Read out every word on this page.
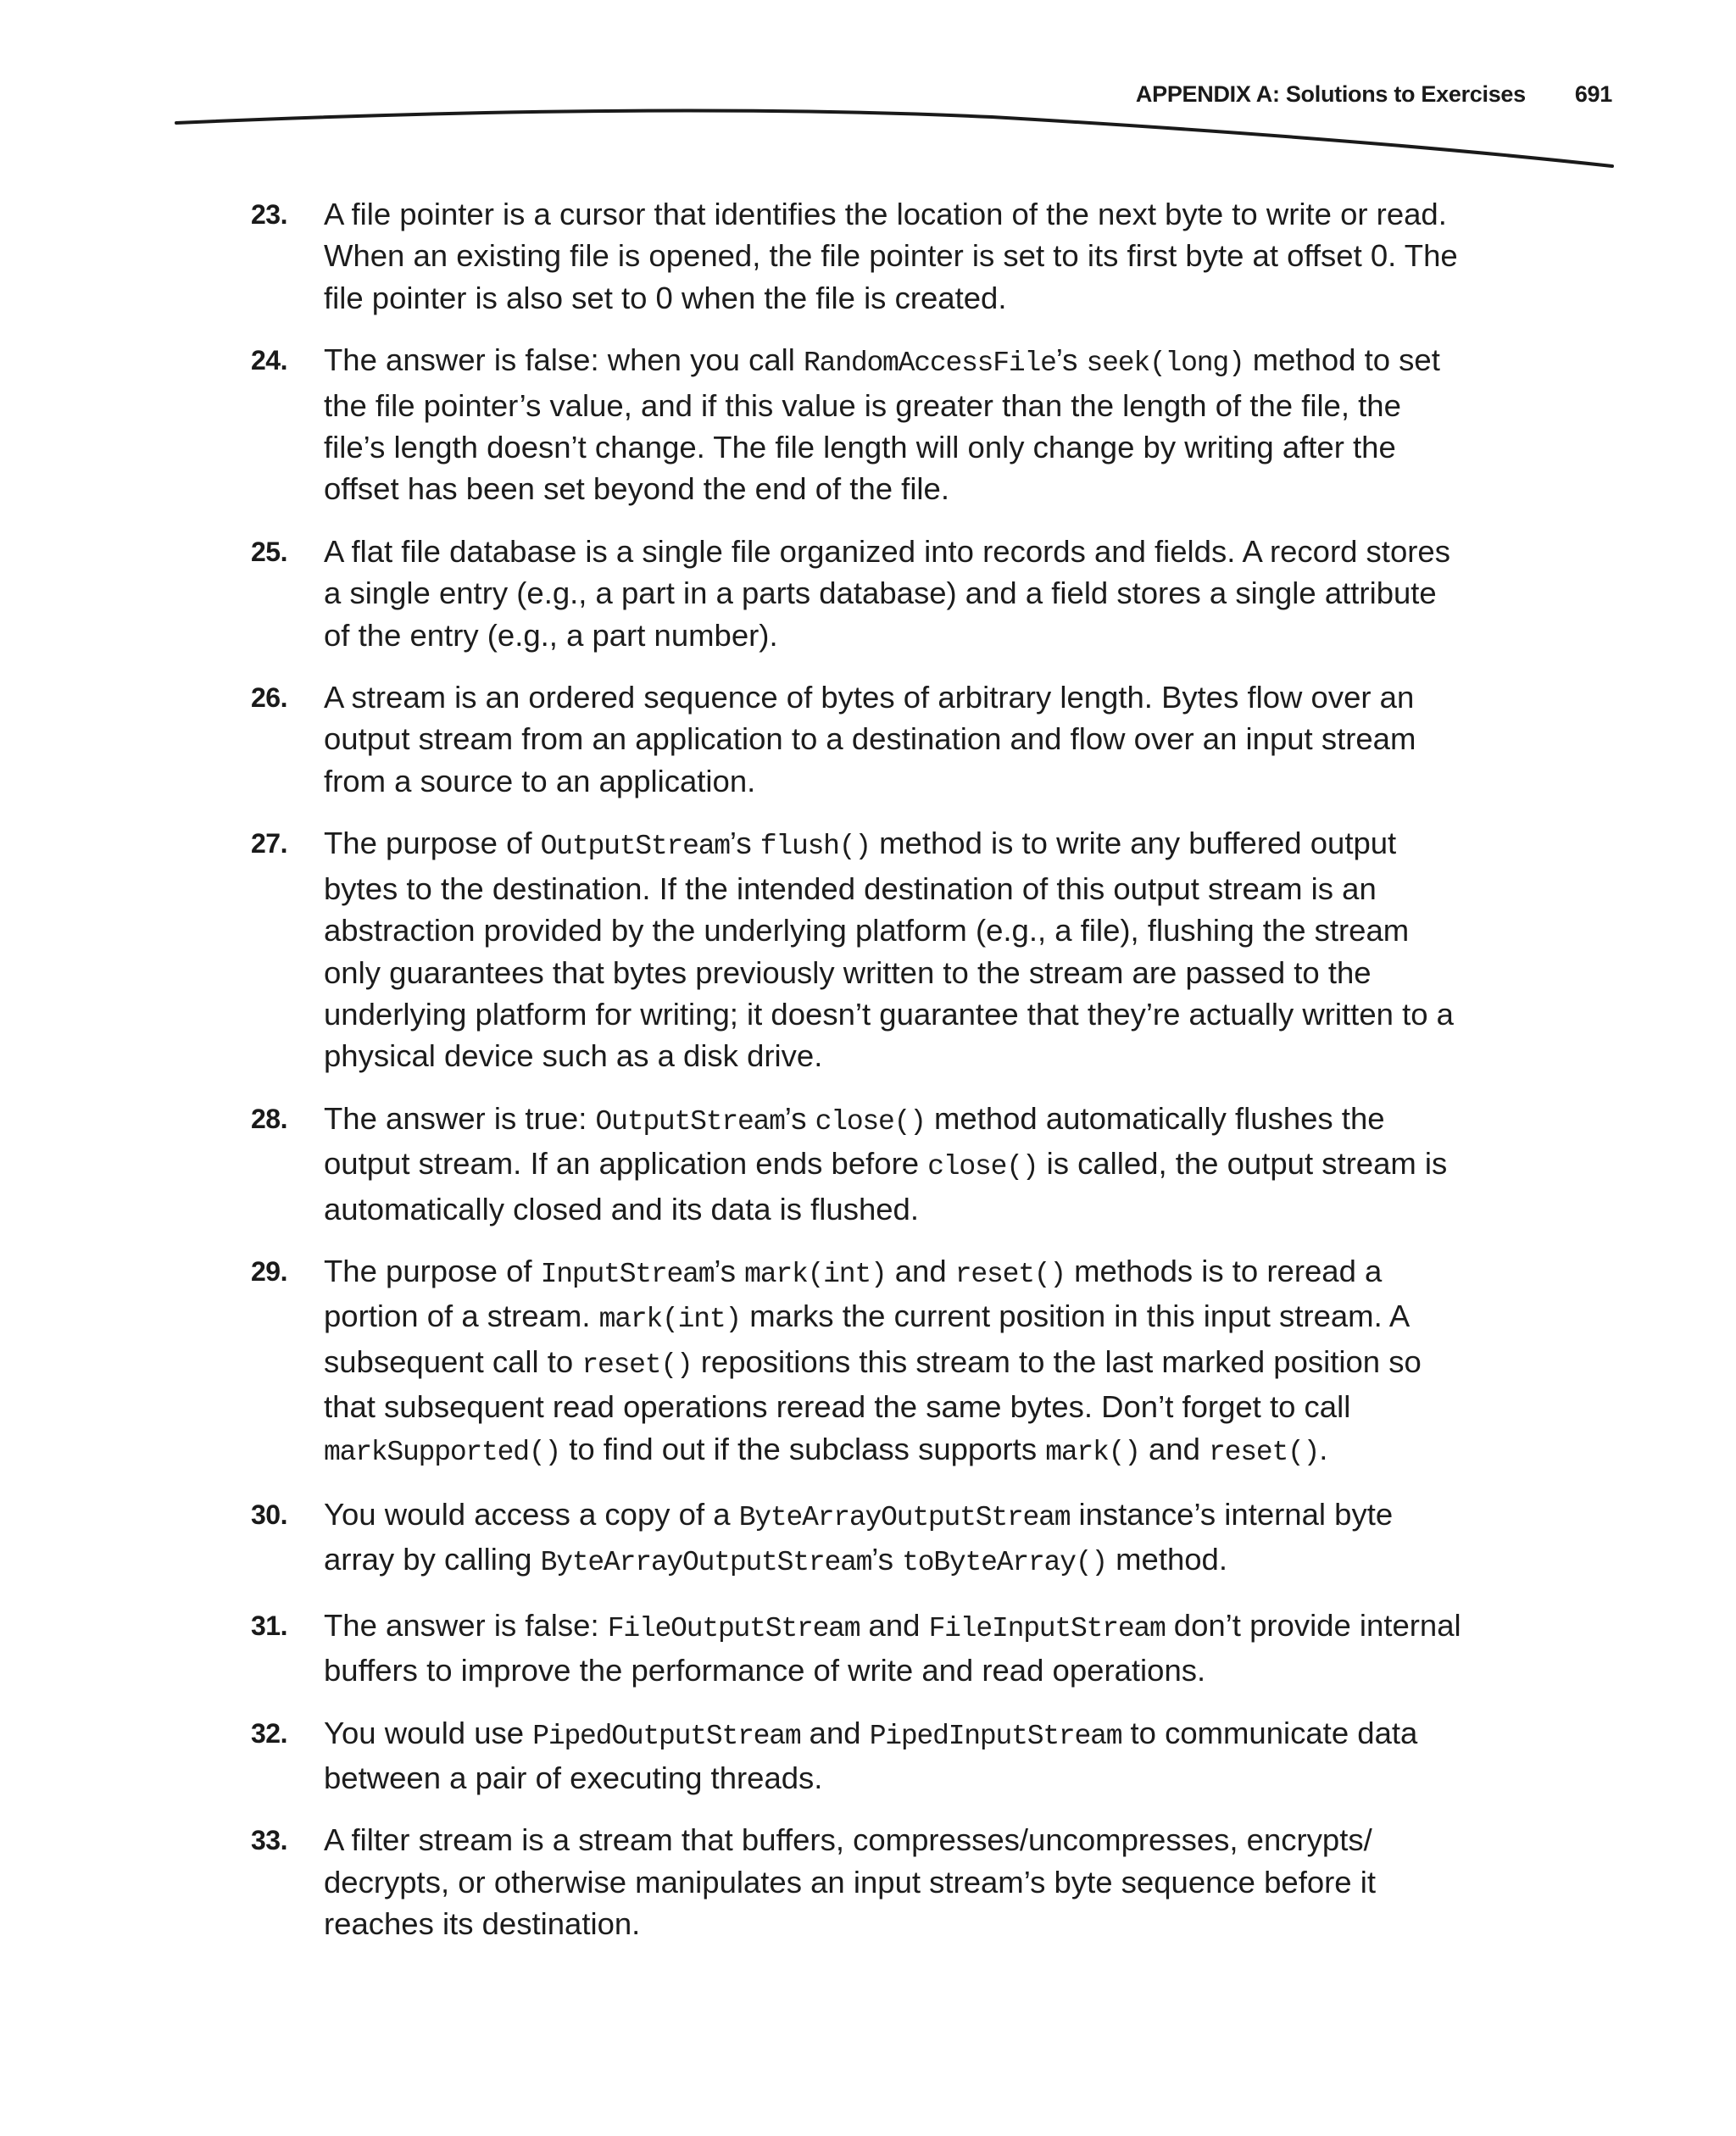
APPENDIX A: Solutions to Exercises 691
23. A file pointer is a cursor that identifies the location of the next byte to write or read. When an existing file is opened, the file pointer is set to its first byte at offset 0. The file pointer is also set to 0 when the file is created.
24. The answer is false: when you call RandomAccessFile’s seek(long) method to set the file pointer’s value, and if this value is greater than the length of the file, the file’s length doesn’t change. The file length will only change by writing after the offset has been set beyond the end of the file.
25. A flat file database is a single file organized into records and fields. A record stores a single entry (e.g., a part in a parts database) and a field stores a single attribute of the entry (e.g., a part number).
26. A stream is an ordered sequence of bytes of arbitrary length. Bytes flow over an output stream from an application to a destination and flow over an input stream from a source to an application.
27. The purpose of OutputStream’s flush() method is to write any buffered output bytes to the destination. If the intended destination of this output stream is an abstraction provided by the underlying platform (e.g., a file), flushing the stream only guarantees that bytes previously written to the stream are passed to the underlying platform for writing; it doesn’t guarantee that they’re actually written to a physical device such as a disk drive.
28. The answer is true: OutputStream’s close() method automatically flushes the output stream. If an application ends before close() is called, the output stream is automatically closed and its data is flushed.
29. The purpose of InputStream’s mark(int) and reset() methods is to reread a portion of a stream. mark(int) marks the current position in this input stream. A subsequent call to reset() repositions this stream to the last marked position so that subsequent read operations reread the same bytes. Don’t forget to call markSupported() to find out if the subclass supports mark() and reset().
30. You would access a copy of a ByteArrayOutputStream instance’s internal byte array by calling ByteArrayOutputStream’s toByteArray() method.
31. The answer is false: FileOutputStream and FileInputStream don’t provide internal buffers to improve the performance of write and read operations.
32. You would use PipedOutputStream and PipedInputStream to communicate data between a pair of executing threads.
33. A filter stream is a stream that buffers, compresses/uncompresses, encrypts/ decrypts, or otherwise manipulates an input stream’s byte sequence before it reaches its destination.
